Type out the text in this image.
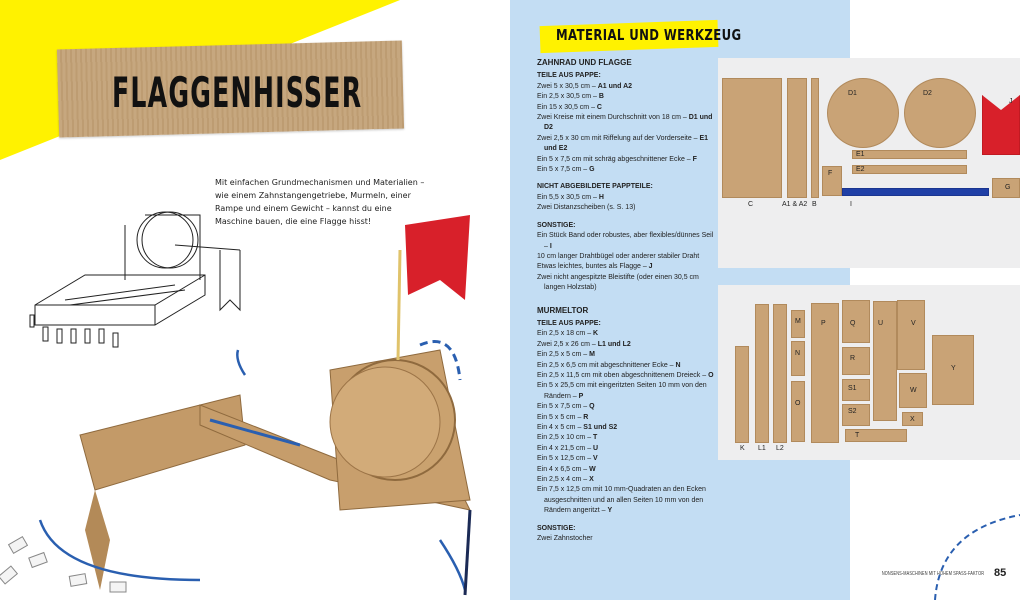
FLAGGENHISSER
Mit einfachen Grundmechanismen und Materialien – wie einem Zahnstangengetriebe, Murmeln, einer Rampe und einem Gewicht – kannst du eine Maschine bauen, die eine Flagge hisst!
MATERIAL UND WERKZEUG
ZAHNRAD UND FLAGGE
TEILE AUS PAPPE:
Zwei 5 x 30,5 cm – A1 und A2
Ein 2,5 x 30,5 cm – B
Ein 15 x 30,5 cm – C
Zwei Kreise mit einem Durchschnitt von 18 cm – D1 und D2
Zwei 2,5 x 30 cm mit Riffelung auf der Vorderseite – E1 und E2
Ein 5 x 7,5 cm mit schräg abgeschnittener Ecke – F
Ein 5 x 7,5 cm – G
NICHT ABGEBILDETE PAPPTEILE:
Ein 5,5 x 30,5 cm – H
Zwei Distanzscheiben (s. S. 13)
SONSTIGE:
Ein Stück Band oder robustes, aber flexibles/dünnes Seil – I
10 cm langer Drahtbügel oder anderer stabiler Draht
Etwas leichtes, buntes als Flagge – J
Zwei nicht angespitzte Bleistifte (oder einen 30,5 cm langen Holzstab)
MURMELTOR
TEILE AUS PAPPE:
Ein 2,5 x 18 cm – K
Zwei 2,5 x 26 cm – L1 und L2
Ein 2,5 x 5 cm – M
Ein 2,5 x 6,5 cm mit abgeschnittener Ecke – N
Ein 2,5 x 11,5 cm mit oben abgeschnittenem Dreieck – O
Ein 5 x 25,5 cm mit eingeritzten Seiten 10 mm von den Rändern – P
Ein 5 x 7,5 cm – Q
Ein 5 x 5 cm – R
Ein 4 x 5 cm – S1 und S2
Ein 2,5 x 10 cm – T
Ein 4 x 21,5 cm – U
Ein 5 x 12,5 cm – V
Ein 4 x 6,5 cm – W
Ein 2,5 x 4 cm – X
Ein 7,5 x 12,5 cm mit 10 mm-Quadraten an den Ecken ausgeschnitten und an allen Seiten 10 mm von den Rändern angeritzt – Y
SONSTIGE:
Zwei Zahnstocher
C	A1 & A2 B
D1	D2
E1
E2
F
I
J
G
K L1 L2
M
N
O
P	Q
R
S1
S2
T
U	V
W
X
Y
NONSENS-MASCHINEN MIT HOHEM SPASS-FAKTOR 85
